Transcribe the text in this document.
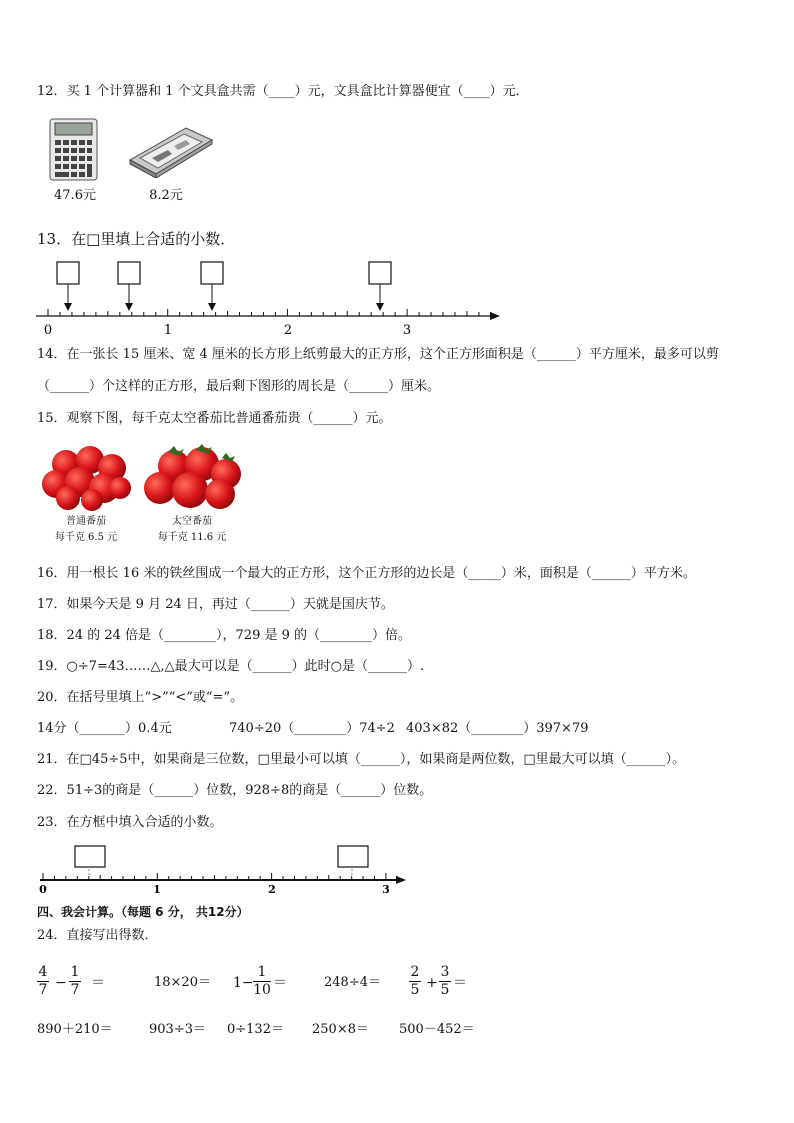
12．买 1 个计算器和 1 个文具盒共需（____）元，文具盒比计算器便宜（____）元．
47.6元	8.2元
13．在□里填上合适的小数．
0	1	2	3
14．在一张长 15 厘米、宽 4 厘米的长方形上纸剪最大的正方形，这个正方形面积是（______）平方厘米，最多可以剪
（______）个这样的正方形，最后剩下图形的周长是（______）厘米。
15．观察下图，每千克太空番茄比普通番茄贵（______）元。
普通番茄
每千克 6.5 元
太空番茄
每千克 11.6 元
16．用一根长 16 米的铁丝围成一个最大的正方形，这个正方形的边长是（_____）米，面积是（______）平方米。
17．如果今天是 9 月 24 日，再过（______）天就是国庆节。
18．24 的 24 倍是（________），729 是 9 的（________）倍。
19．○÷7=43……△,△最大可以是（______）此时○是（______）.
20．在括号里填上“>”“<”或“=”。
14分（_______）0.4元	740÷20（________）74÷2 403×82（________）397×79
21．在□45÷5中，如果商是三位数，□里最小可以填（______），如果商是两位数，□里最大可以填（______）。
22．51÷3的商是（______）位数，928÷8的商是（______）位数。
23．在方框中填入合适的小数。
0	1	2	3
四、我会计算。（每题 6 分， 共12分）
24．直接写出得数．
4
7 −
1
7 ＝	$18\times 20= 1- \frac{1}{10}$ ＝	248÷4＝
2
5 +
3
5 ＝
890＋210＝	903÷3＝ 0÷132＝ 250×8＝ 500－452＝
